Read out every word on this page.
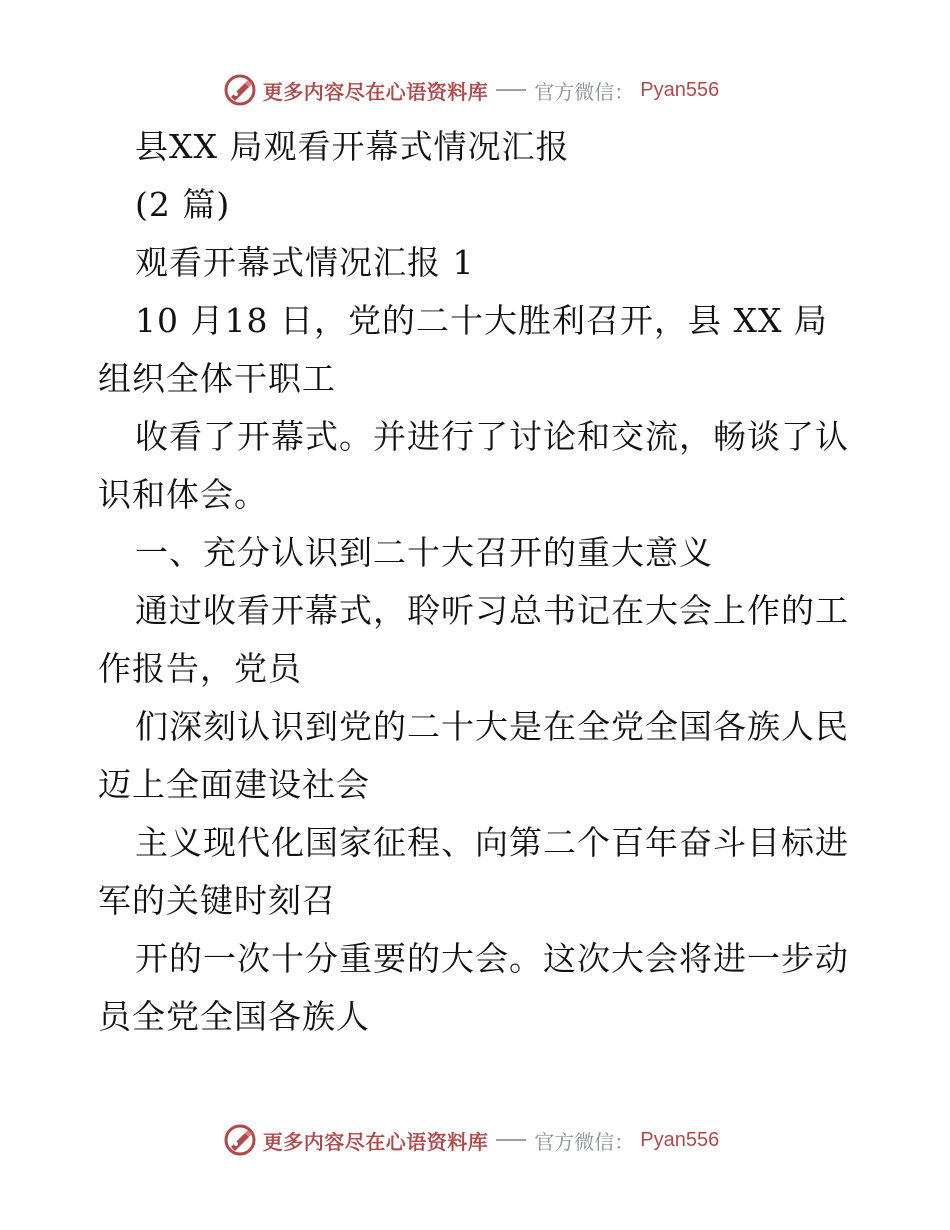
更多内容尽在心语资料库 官方微信： Pyan556
县XX 局观看开幕式情况汇报
(2 篇)
观看开幕式情况汇报 1
10 月18 日，党的二十大胜利召开，县 XX 局
组织全体干职工
收看了开幕式。并进行了讨论和交流，畅谈了认
识和体会。
一、充分认识到二十大召开的重大意义
通过收看开幕式，聆听习总书记在大会上作的工
作报告，党员
们深刻认识到党的二十大是在全党全国各族人民
迈上全面建设社会
主义现代化国家征程、向第二个百年奋斗目标进
军的关键时刻召
开的一次十分重要的大会。这次大会将进一步动
员全党全国各族人
更多内容尽在心语资料库 官方微信： Pyan556
